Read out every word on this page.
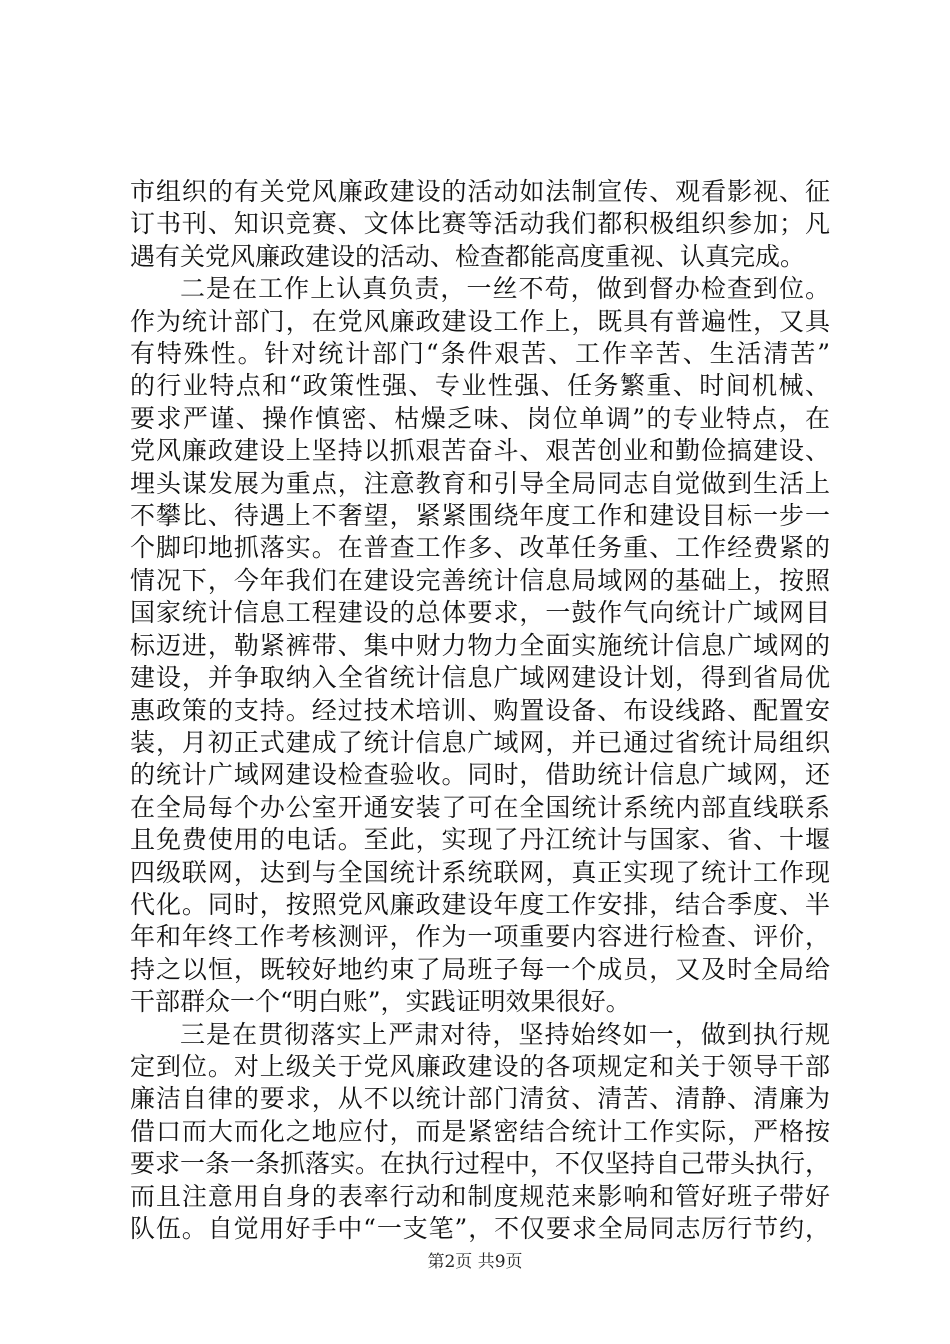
市组织的有关党风廉政建设的活动如法制宣传、观看影视、征

订书刊、知识竞赛、文体比赛等活动我们都积极组织参加；凡

遇有关党风廉政建设的活动、检查都能高度重视、认真完成。

二是在工作上认真负责，一丝不苟，做到督办检查到位。

作为统计部门，在党风廉政建设工作上，既具有普遍性，又具

有特殊性。针对统计部门“条件艰苦、工作辛苦、生活清苦”

的行业特点和“政策性强、专业性强、任务繁重、时间机械、

要求严谨、操作慎密、枯燥乏味、岗位单调”的专业特点，在

党风廉政建设上坚持以抓艰苦奋斗、艰苦创业和勤俭搞建设、

埋头谋发展为重点，注意教育和引导全局同志自觉做到生活上

不攀比、待遇上不奢望，紧紧围绕年度工作和建设目标一步一

个脚印地抓落实。在普查工作多、改革任务重、工作经费紧的

情况下，今年我们在建设完善统计信息局域网的基础上，按照

国家统计信息工程建设的总体要求，一鼓作气向统计广域网目

标迈进，勒紧裤带、集中财力物力全面实施统计信息广域网的

建设，并争取纳入全省统计信息广域网建设计划，得到省局优

惠政策的支持。经过技术培训、购置设备、布设线路、配置安

装，月初正式建成了统计信息广域网，并已通过省统计局组织

的统计广域网建设检查验收。同时，借助统计信息广域网，还

在全局每个办公室开通安装了可在全国统计系统内部直线联系

且免费使用的电话。至此，实现了丹江统计与国家、省、十堰

四级联网，达到与全国统计系统联网，真正实现了统计工作现

代化。同时，按照党风廉政建设年度工作安排，结合季度、半

年和年终工作考核测评，作为一项重要内容进行检查、评价，

持之以恒，既较好地约束了局班子每一个成员，又及时全局给

干部群众一个“明白账”，实践证明效果很好。

三是在贯彻落实上严肃对待，坚持始终如一，做到执行规

定到位。对上级关于党风廉政建设的各项规定和关于领导干部

廉洁自律的要求，从不以统计部门清贫、清苦、清静、清廉为

借口而大而化之地应付，而是紧密结合统计工作实际，严格按

要求一条一条抓落实。在执行过程中，不仅坚持自己带头执行，

而且注意用自身的表率行动和制度规范来影响和管好班子带好

队伍。自觉用好手中“一支笔”，不仅要求全局同志厉行节约，

第2页 共9页
